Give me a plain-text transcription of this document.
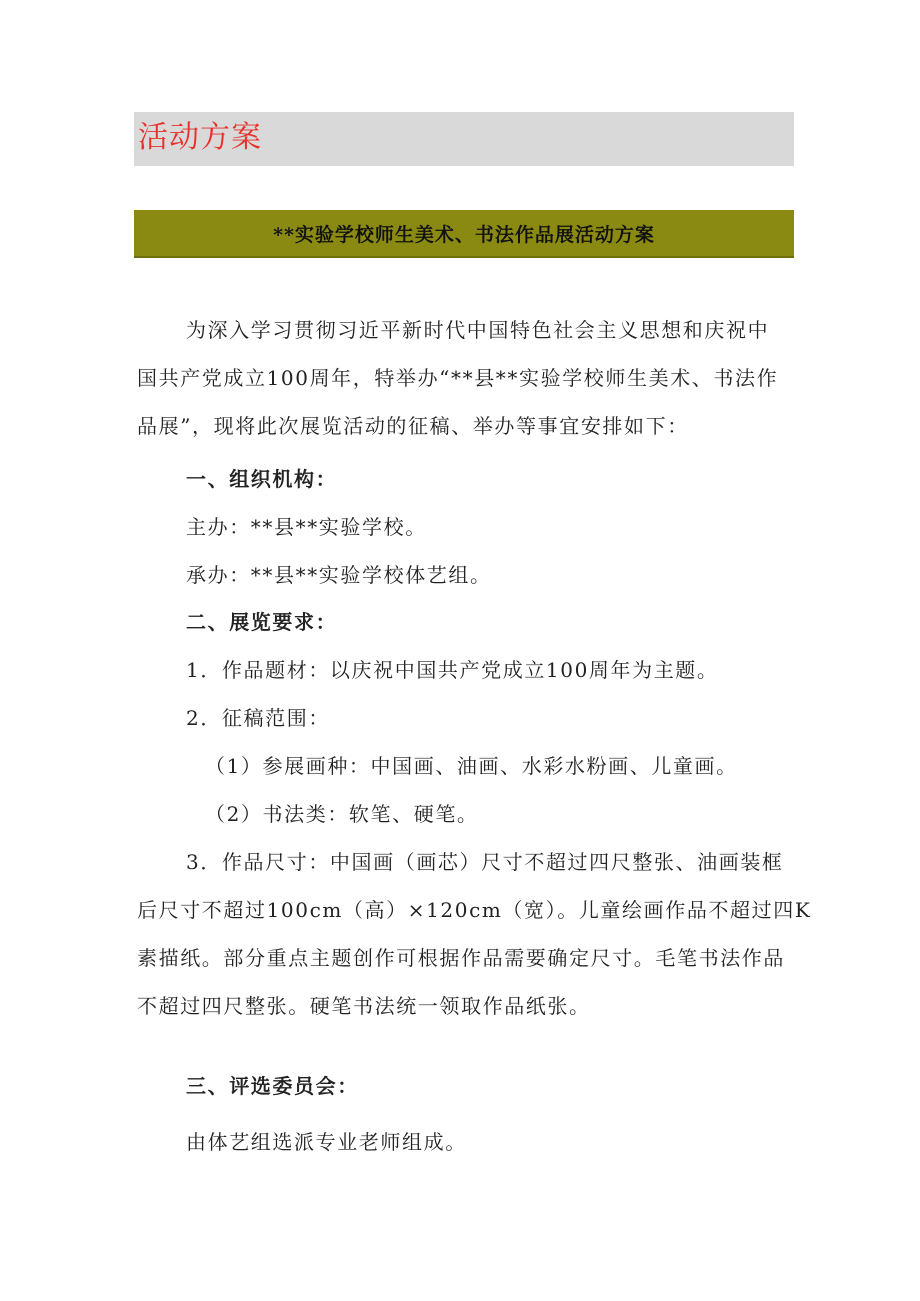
活动方案
**实验学校师生美术、书法作品展活动方案
为深入学习贯彻习近平新时代中国特色社会主义思想和庆祝中
国共产党成立100周年，特举办“**县**实验学校师生美术、书法作
品展”，现将此次展览活动的征稿、举办等事宜安排如下：
一、组织机构：
主办：**县**实验学校。
承办：**县**实验学校体艺组。
二、展览要求：
1．作品题材：以庆祝中国共产党成立100周年为主题。
2．征稿范围：
（1）参展画种：中国画、油画、水彩水粉画、儿童画。
（2）书法类：软笔、硬笔。
3．作品尺寸：中国画（画芯）尺寸不超过四尺整张、油画装框
后尺寸不超过100cm（高）×120cm（宽）。儿童绘画作品不超过四K
素描纸。部分重点主题创作可根据作品需要确定尺寸。毛笔书法作品
不超过四尺整张。硬笔书法统一领取作品纸张。
三、评选委员会：
由体艺组选派专业老师组成。
